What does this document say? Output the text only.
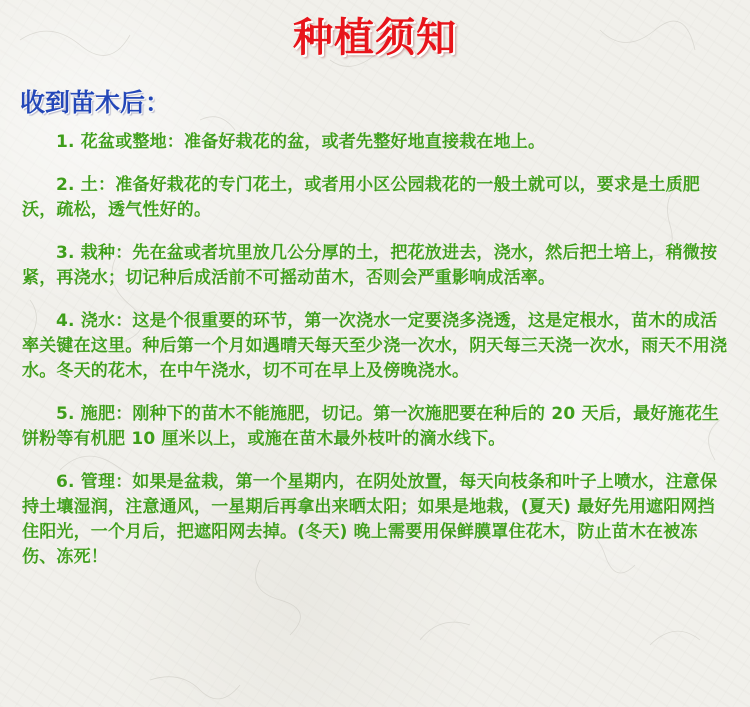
种植须知
收到苗木后：

1. 花盆或整地：准备好栽花的盆，或者先整好地直接栽在地上。

2. 土：准备好栽花的专门花土，或者用小区公园栽花的一般土就可以，要求是土质肥沃，疏松，透气性好的。

3. 栽种：先在盆或者坑里放几公分厚的土，把花放进去，浇水，然后把土培上，稍微按紧，再浇水；切记种后成活前不可摇动苗木，否则会严重影响成活率。

4. 浇水：这是个很重要的环节，第一次浇水一定要浇多浇透，这是定根水，苗木的成活率关键在这里。种后第一个月如遇晴天每天至少浇一次水，阴天每三天浇一次水，雨天不用浇水。冬天的花木，在中午浇水，切不可在早上及傍晚浇水。

5. 施肥：刚种下的苗木不能施肥，切记。第一次施肥要在种后的 20 天后，最好施花生饼粉等有机肥 10 厘米以上，或施在苗木最外枝叶的滴水线下。

6. 管理：如果是盆栽，第一个星期内，在阴处放置，每天向枝条和叶子上喷水，注意保持土壤湿润，注意通风，一星期后再拿出来晒太阳；如果是地栽，(夏天) 最好先用遮阳网挡住阳光，一个月后，把遮阳网去掉。(冬天) 晚上需要用保鲜膜罩住花木，防止苗木在被冻伤、冻死！
